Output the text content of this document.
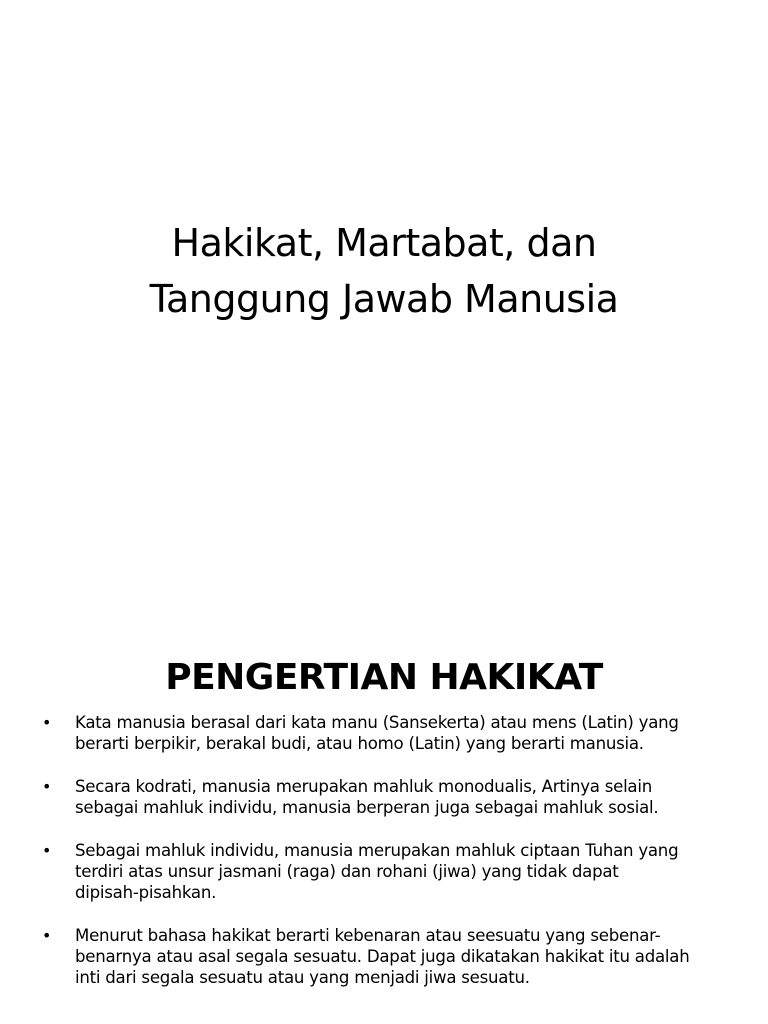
Hakikat, Martabat, dan
Tanggung Jawab Manusia
PENGERTIAN HAKIKAT
• Kata manusia berasal dari kata manu (Sansekerta) atau mens (Latin) yang
berarti berpikir, berakal budi, atau homo (Latin) yang berarti manusia.
• Secara kodrati, manusia merupakan mahluk monodualis, Artinya selain
sebagai mahluk individu, manusia berperan juga sebagai mahluk sosial.
• Sebagai mahluk individu, manusia merupakan mahluk ciptaan Tuhan yang
terdiri atas unsur jasmani (raga) dan rohani (jiwa) yang tidak dapat
dipisah-pisahkan.
• Menurut bahasa hakikat berarti kebenaran atau seesuatu yang sebenar-
benarnya atau asal segala sesuatu. Dapat juga dikatakan hakikat itu adalah
inti dari segala sesuatu atau yang menjadi jiwa sesuatu.
